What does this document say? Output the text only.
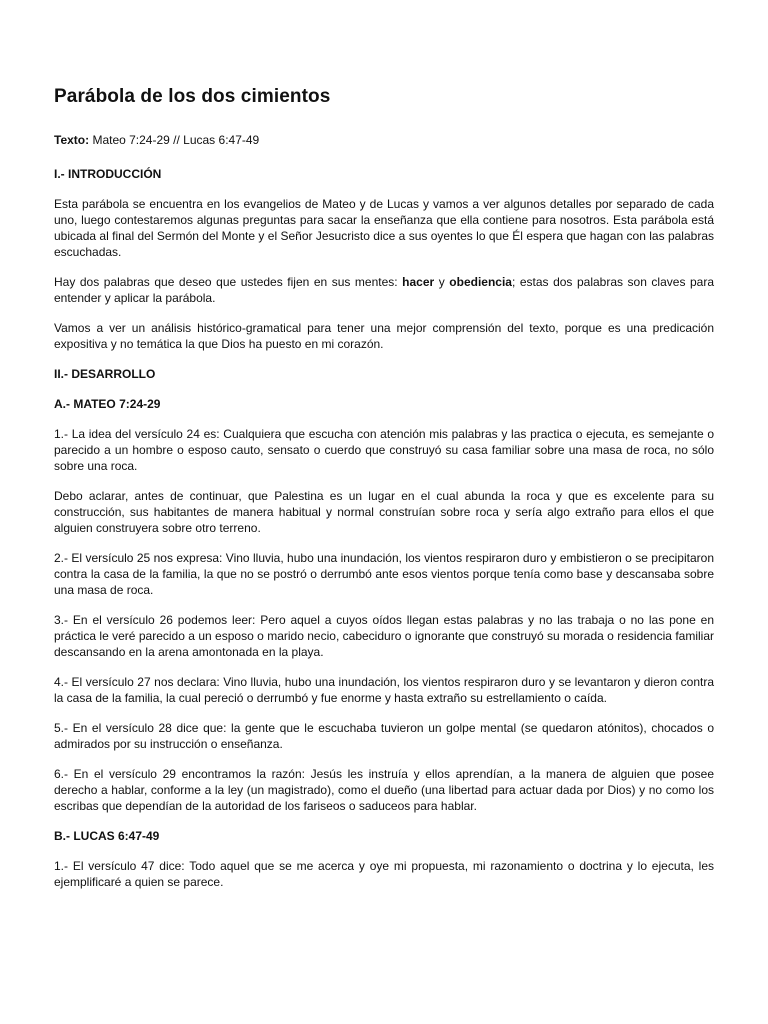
Parábola de los dos cimientos

Texto: Mateo 7:24-29 // Lucas 6:47-49

I.- INTRODUCCIÓN

Esta parábola se encuentra en los evangelios de Mateo y de Lucas y vamos a ver algunos detalles por separado de cada uno, luego contestaremos algunas preguntas para sacar la enseñanza que ella contiene para nosotros. Esta parábola está ubicada al final del Sermón del Monte y el Señor Jesucristo dice a sus oyentes lo que Él espera que hagan con las palabras escuchadas.

Hay dos palabras que deseo que ustedes fijen en sus mentes: hacer y obediencia; estas dos palabras son claves para entender y aplicar la parábola.

Vamos a ver un análisis histórico-gramatical para tener una mejor comprensión del texto, porque es una predicación expositiva y no temática la que Dios ha puesto en mi corazón.

II.- DESARROLLO
A.- MATEO 7:24-29

1.- La idea del versículo 24 es: Cualquiera que escucha con atención mis palabras y las practica o ejecuta, es semejante o parecido a un hombre o esposo cauto, sensato o cuerdo que construyó su casa familiar sobre una masa de roca, no sólo sobre una roca.

Debo aclarar, antes de continuar, que Palestina es un lugar en el cual abunda la roca y que es excelente para su construcción, sus habitantes de manera habitual y normal construían sobre roca y sería algo extraño para ellos el que alguien construyera sobre otro terreno.

2.- El versículo 25 nos expresa: Vino lluvia, hubo una inundación, los vientos respiraron duro y embistieron o se precipitaron contra la casa de la familia, la que no se postró o derrumbó ante esos vientos porque tenía como base y descansaba sobre una masa de roca.

3.- En el versículo 26 podemos leer: Pero aquel a cuyos oídos llegan estas palabras y no las trabaja o no las pone en práctica le veré parecido a un esposo o marido necio, cabeciduro o ignorante que construyó su morada o residencia familiar descansando en la arena amontonada en la playa.

4.- El versículo 27 nos declara: Vino lluvia, hubo una inundación, los vientos respiraron duro y se levantaron y dieron contra la casa de la familia, la cual pereció o derrumbó y fue enorme y hasta extraño su estrellamiento o caída.

5.- En el versículo 28 dice que: la gente que le escuchaba tuvieron un golpe mental (se quedaron atónitos), chocados o admirados por su instrucción o enseñanza.

6.- En el versículo 29 encontramos la razón: Jesús les instruía y ellos aprendían, a la manera de alguien que posee derecho a hablar, conforme a la ley (un magistrado), como el dueño (una libertad para actuar dada por Dios) y no como los escribas que dependían de la autoridad de los fariseos o saduceos para hablar.

B.- LUCAS 6:47-49

1.- El versículo 47 dice: Todo aquel que se me acerca y oye mi propuesta, mi razonamiento o doctrina y lo ejecuta, les ejemplificaré a quien se parece.
